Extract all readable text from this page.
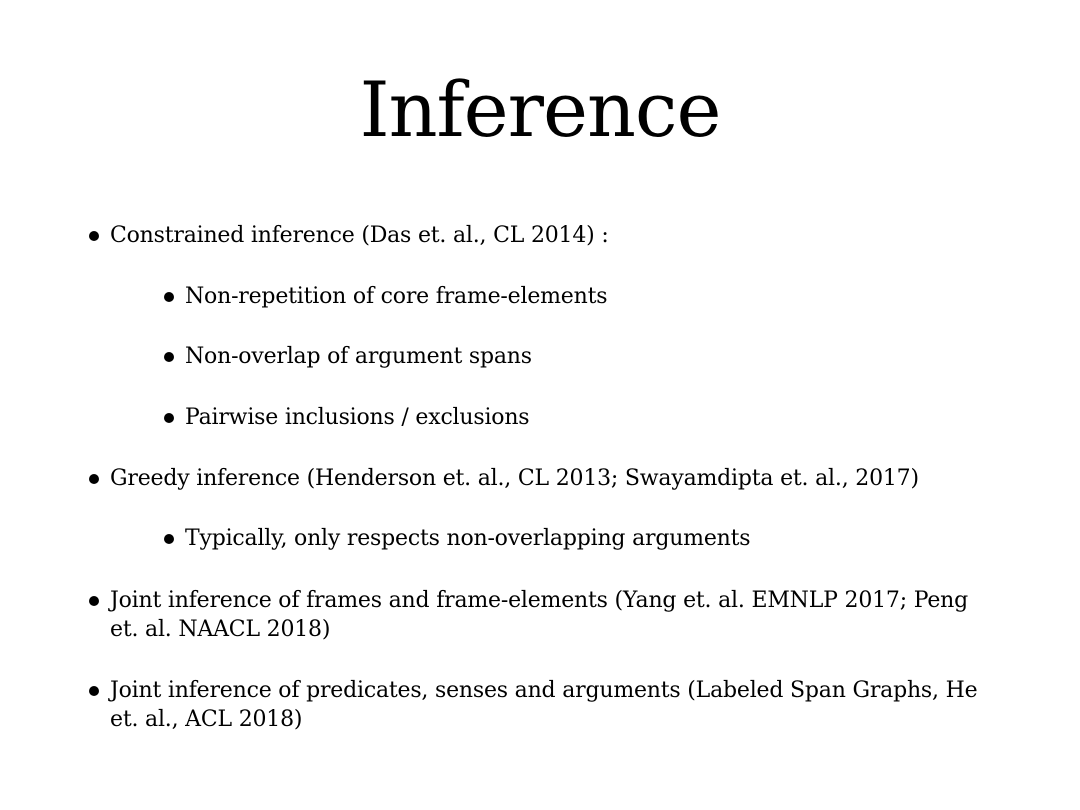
Inference
Constrained inference (Das et. al., CL 2014) :
Non-repetition of core frame-elements
Non-overlap of argument spans
Pairwise inclusions / exclusions
Greedy inference (Henderson et. al., CL 2013; Swayamdipta et. al., 2017)
Typically, only respects non-overlapping arguments
Joint inference of frames and frame-elements (Yang et. al. EMNLP 2017; Peng et. al. NAACL 2018)
Joint inference of predicates, senses and arguments (Labeled Span Graphs, He et. al., ACL 2018)
